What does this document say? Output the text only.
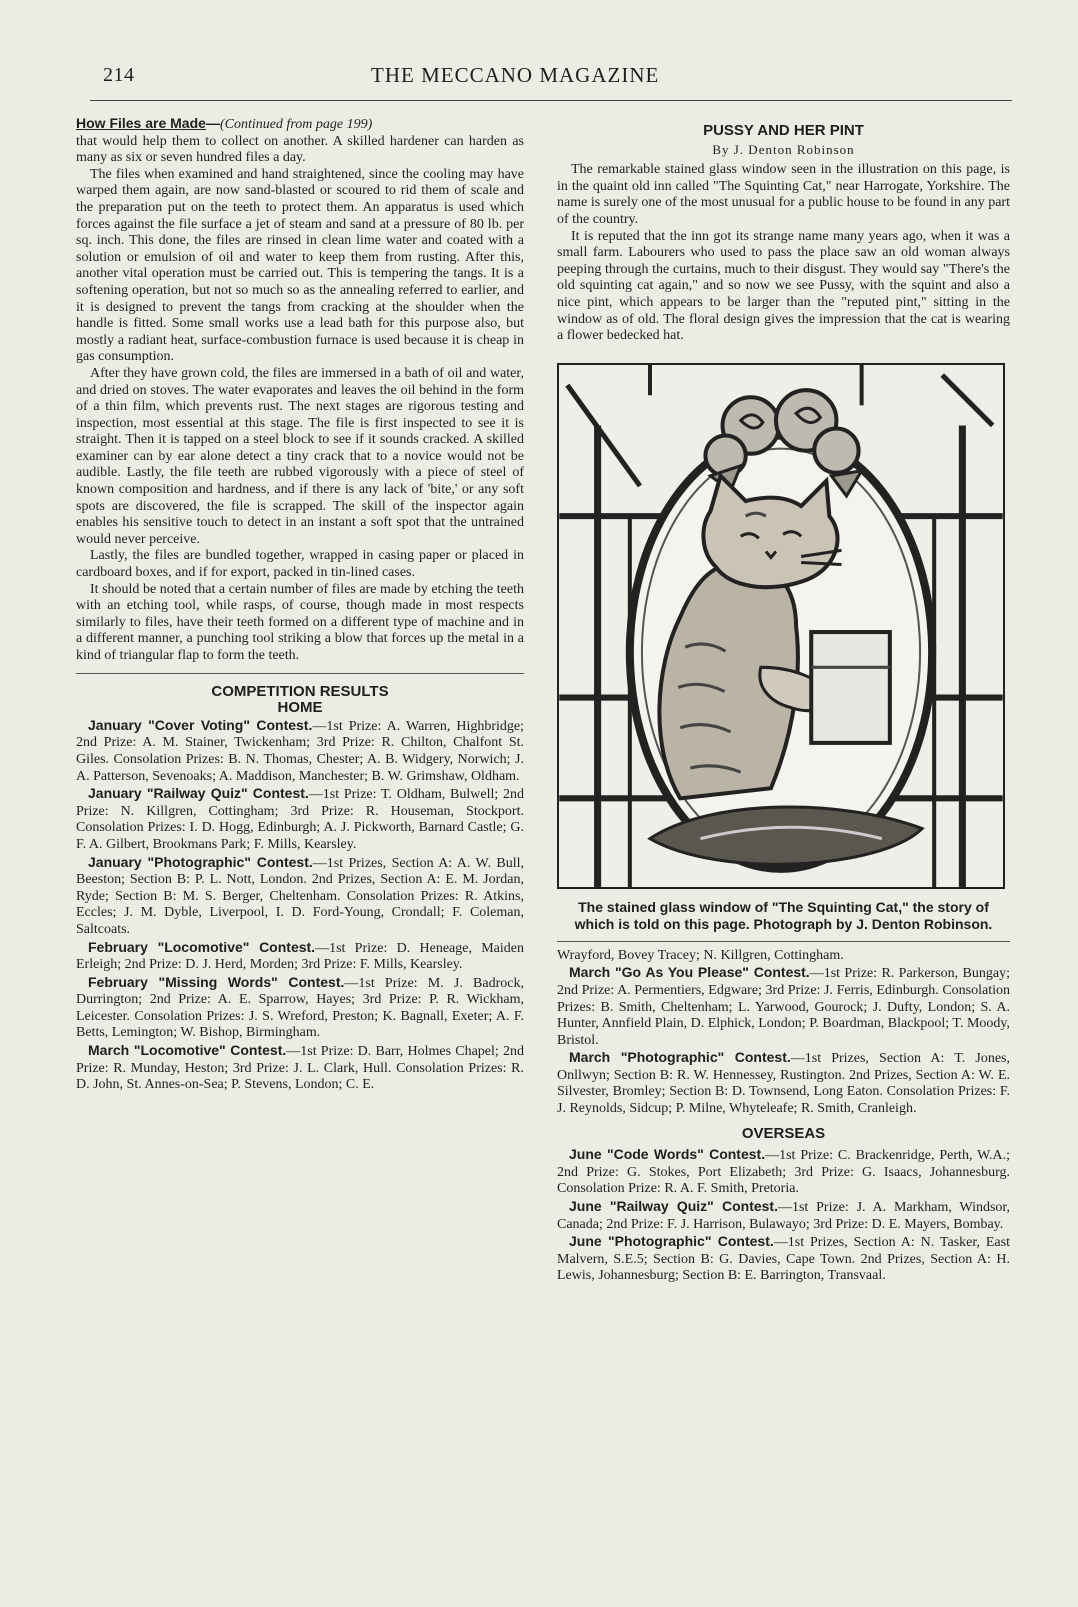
214	THE MECCANO MAGAZINE

How Files are Made—(Continued from page 199)

that would help them to collect on another. A skilled hardener can harden as many as six or seven hundred files a day.

The files when examined and hand straightened, since the cooling may have warped them again, are now sand-blasted or scoured to rid them of scale and the preparation put on the teeth to protect them. An apparatus is used which forces against the file surface a jet of steam and sand at a pressure of 80 lb. per sq. inch. This done, the files are rinsed in clean lime water and coated with a solution or emulsion of oil and water to keep them from rusting. After this, another vital operation must be carried out. This is tempering the tangs. It is a softening operation, but not so much so as the annealing referred to earlier, and it is designed to prevent the tangs from cracking at the shoulder when the handle is fitted. Some small works use a lead bath for this purpose also, but mostly a radiant heat, surface-combustion furnace is used because it is cheap in gas consumption.

After they have grown cold, the files are immersed in a bath of oil and water, and dried on stoves. The water evaporates and leaves the oil behind in the form of a thin film, which prevents rust. The next stages are rigorous testing and inspection, most essential at this stage. The file is first inspected to see it is straight. Then it is tapped on a steel block to see if it sounds cracked. A skilled examiner can by ear alone detect a tiny crack that to a novice would not be audible. Lastly, the file teeth are rubbed vigorously with a piece of steel of known composition and hardness, and if there is any lack of 'bite,' or any soft spots are discovered, the file is scrapped. The skill of the inspector again enables his sensitive touch to detect in an instant a soft spot that the untrained would never perceive.

Lastly, the files are bundled together, wrapped in casing paper or placed in cardboard boxes, and if for export, packed in tin-lined cases.

It should be noted that a certain number of files are made by etching the teeth with an etching tool, while rasps, of course, though made in most respects similarly to files, have their teeth formed on a different type of machine and in a different manner, a punching tool striking a blow that forces up the metal in a kind of triangular flap to form the teeth.

COMPETITION RESULTS
HOME

January "Cover Voting" Contest.—1st Prize: A. Warren, Highbridge; 2nd Prize: A. M. Stainer, Twickenham; 3rd Prize: R. Chilton, Chalfont St. Giles. Consolation Prizes: B. N. Thomas, Chester; A. B. Widgery, Norwich; J. A. Patterson, Sevenoaks; A. Maddison, Manchester; B. W. Grimshaw, Oldham.

January "Railway Quiz" Contest.—1st Prize: T. Oldham, Bulwell; 2nd Prize: N. Killgren, Cottingham; 3rd Prize: R. Houseman, Stockport. Consolation Prizes: I. D. Hogg, Edinburgh; A. J. Pickworth, Barnard Castle; G. F. A. Gilbert, Brookmans Park; F. Mills, Kearsley.

January "Photographic" Contest.—1st Prizes, Section A: A. W. Bull, Beeston; Section B: P. L. Nott, London. 2nd Prizes, Section A: E. M. Jordan, Ryde; Section B: M. S. Berger, Cheltenham. Consolation Prizes: R. Atkins, Eccles; J. M. Dyble, Liverpool, I. D. Ford-Young, Crondall; F. Coleman, Saltcoats.

February "Locomotive" Contest.—1st Prize: D. Heneage, Maiden Erleigh; 2nd Prize: D. J. Herd, Morden; 3rd Prize: F. Mills, Kearsley.

February "Missing Words" Contest.—1st Prize: M. J. Badrock, Durrington; 2nd Prize: A. E. Sparrow, Hayes; 3rd Prize: P. R. Wickham, Leicester. Consolation Prizes: J. S. Wreford, Preston; K. Bagnall, Exeter; A. F. Betts, Lemington; W. Bishop, Birmingham.

March "Locomotive" Contest.—1st Prize: D. Barr, Holmes Chapel; 2nd Prize: R. Munday, Heston; 3rd Prize: J. L. Clark, Hull. Consolation Prizes: R. D. John, St. Annes-on-Sea; P. Stevens, London; C. E.

PUSSY AND HER PINT
By J. Denton Robinson

The remarkable stained glass window seen in the illustration on this page, is in the quaint old inn called "The Squinting Cat," near Harrogate, Yorkshire. The name is surely one of the most unusual for a public house to be found in any part of the country.

It is reputed that the inn got its strange name many years ago, when it was a small farm. Labourers who used to pass the place saw an old woman always peeping through the curtains, much to their disgust. They would say "There's the old squinting cat again," and so now we see Pussy, with the squint and also a nice pint, which appears to be larger than the "reputed pint," sitting in the window as of old. The floral design gives the impression that the cat is wearing a flower bedecked hat.

The stained glass window of "The Squinting Cat," the story of which is told on this page. Photograph by J. Denton Robinson.

Wrayford, Bovey Tracey; N. Killgren, Cottingham.

March "Go As You Please" Contest.—1st Prize: R. Parkerson, Bungay; 2nd Prize: A. Permentiers, Edgware; 3rd Prize: J. Ferris, Edinburgh. Consolation Prizes: B. Smith, Cheltenham; L. Yarwood, Gourock; J. Dufty, London; S. A. Hunter, Annfield Plain, D. Elphick, London; P. Boardman, Blackpool; T. Moody, Bristol.

March "Photographic" Contest.—1st Prizes, Section A: T. Jones, Onllwyn; Section B: R. W. Hennessey, Rustington. 2nd Prizes, Section A: W. E. Silvester, Bromley; Section B: D. Townsend, Long Eaton. Consolation Prizes: F. J. Reynolds, Sidcup; P. Milne, Whyteleafe; R. Smith, Cranleigh.

OVERSEAS

June "Code Words" Contest.—1st Prize: C. Brackenridge, Perth, W.A.; 2nd Prize: G. Stokes, Port Elizabeth; 3rd Prize: G. Isaacs, Johannesburg. Consolation Prize: R. A. F. Smith, Pretoria.

June "Railway Quiz" Contest.—1st Prize: J. A. Markham, Windsor, Canada; 2nd Prize: F. J. Harrison, Bulawayo; 3rd Prize: D. E. Mayers, Bombay.

June "Photographic" Contest.—1st Prizes, Section A: N. Tasker, East Malvern, S.E.5; Section B: G. Davies, Cape Town. 2nd Prizes, Section A: H. Lewis, Johannesburg; Section B: E. Barrington, Transvaal.
